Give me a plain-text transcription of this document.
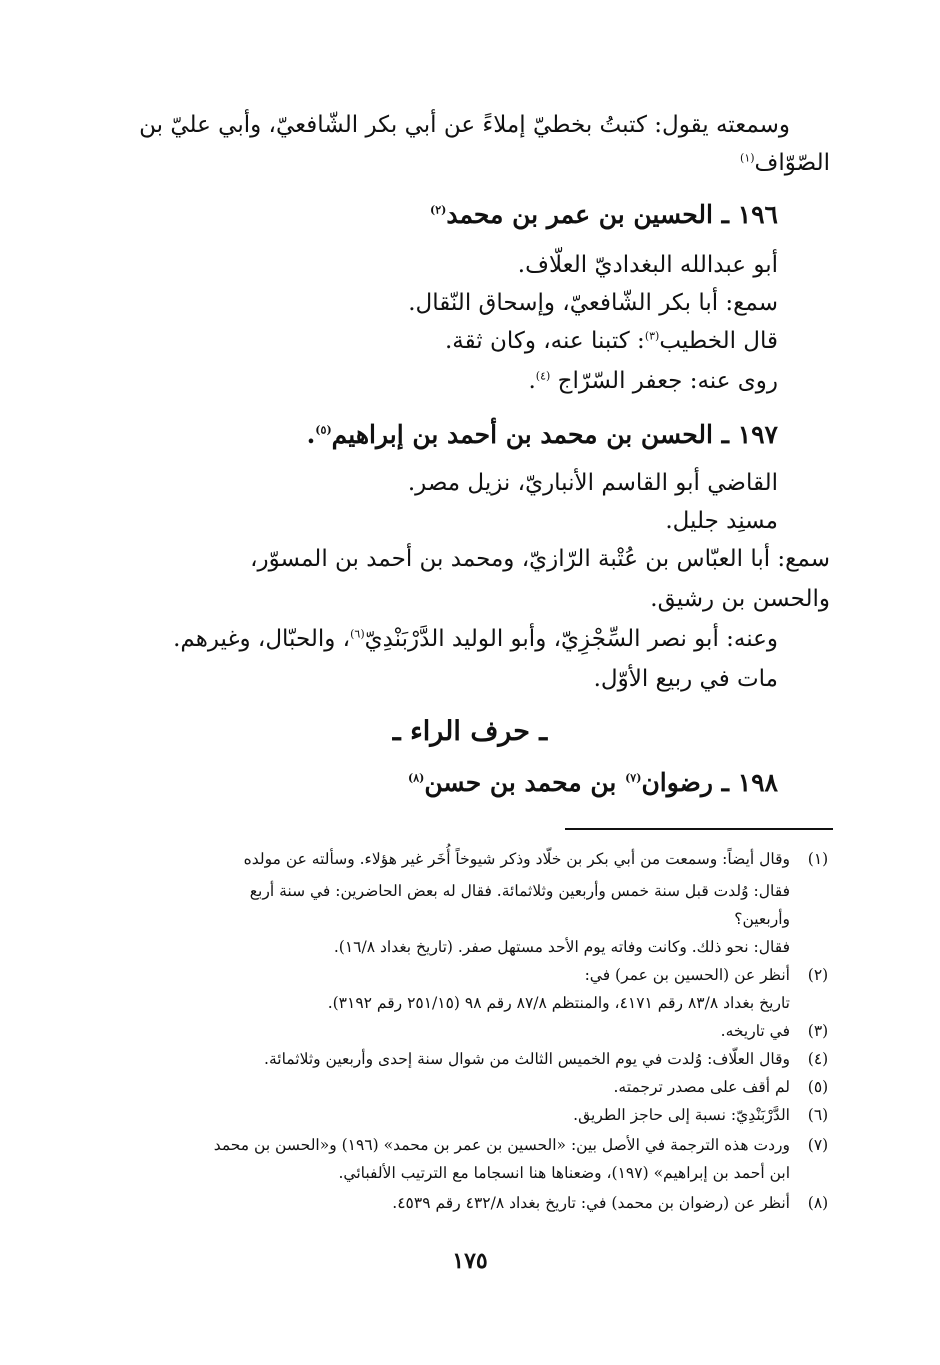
وسمعته يقول: كتبتُ بخطيّ إملاءً عن أبي بكر الشّافعيّ، وأبي عليّ بن
الصّوّاف$^{(١)}$
١٩٦ ـ الحسين بن عمر بن محمد$^{(٢)}$
أبو عبدالله البغداديّ العلّاف.
سمع: أبا بكر الشّافعيّ، وإسحاق النّقال.
قال الخطيب$^{(٣)}$: كتبنا عنه، وكان ثقة.
روى عنه: جعفر السّرّاج $^{(٤)}$.
١٩٧ ـ الحسن بن محمد بن أحمد بن إبراهيم$^{(٥)}$.
القاضي أبو القاسم الأنباريّ، نزيل مصر.
مسنِد جليل.
سمع: أبا العبّاس بن عُتْبة الرّازيّ، ومحمد بن أحمد بن المسوّر،
والحسن بن رشيق.
وعنه: أبو نصر السِّجْزِيّ، وأبو الوليد الدَّرْبَنْدِيّ$^{(٦)}$، والحبّال، وغيرهم.
مات في ربيع الأوّل.
ـ حرف الراء ـ
١٩٨ ـ رضوان$^{(٧)}$ بن محمد بن حسن$^{(٨)}$
(١)
وقال أيضاً: وسمعت من أبي بكر بن خلّاد وذكر شيوخاً أُخَر غير هؤلاء. وسألته عن مولده
فقال: وُلدت قبل سنة خمس وأربعين وثلاثمائة. فقال له بعض الحاضرين: في سنة أربع
وأربعين؟
فقال: نحو ذلك. وكانت وفاته يوم الأحد مستهل صفر. (تاريخ بغداد ١٦/٨).
(٢)
أنظر عن (الحسين بن عمر) في:
تاريخ بغداد ٨٣/٨ رقم ٤١٧١، والمنتظم ٨٧/٨ رقم ٩٨ (٢٥١/١٥ رقم ٣١٩٢).
(٣)
في تاريخه.
(٤)
وقال العلّاف: وُلدت في يوم الخميس الثالث من شوال سنة إحدى وأربعين وثلاثمائة.
(٥)
لم أقف على مصدر ترجمته.
(٦)
الدَّرْبَنْدِيّ: نسبة إلى حاجز الطريق.
(٧)
وردت هذه الترجمة في الأصل بين: «الحسين بن عمر بن محمد» (١٩٦) و«الحسن بن محمد
ابن أحمد بن إبراهيم» (١٩٧)، وضعناها هنا انسجاما مع الترتيب الألفبائي.
(٨)
أنظر عن (رضوان بن محمد) في: تاريخ بغداد ٤٣٢/٨ رقم ٤٥٣٩.
١٧٥
